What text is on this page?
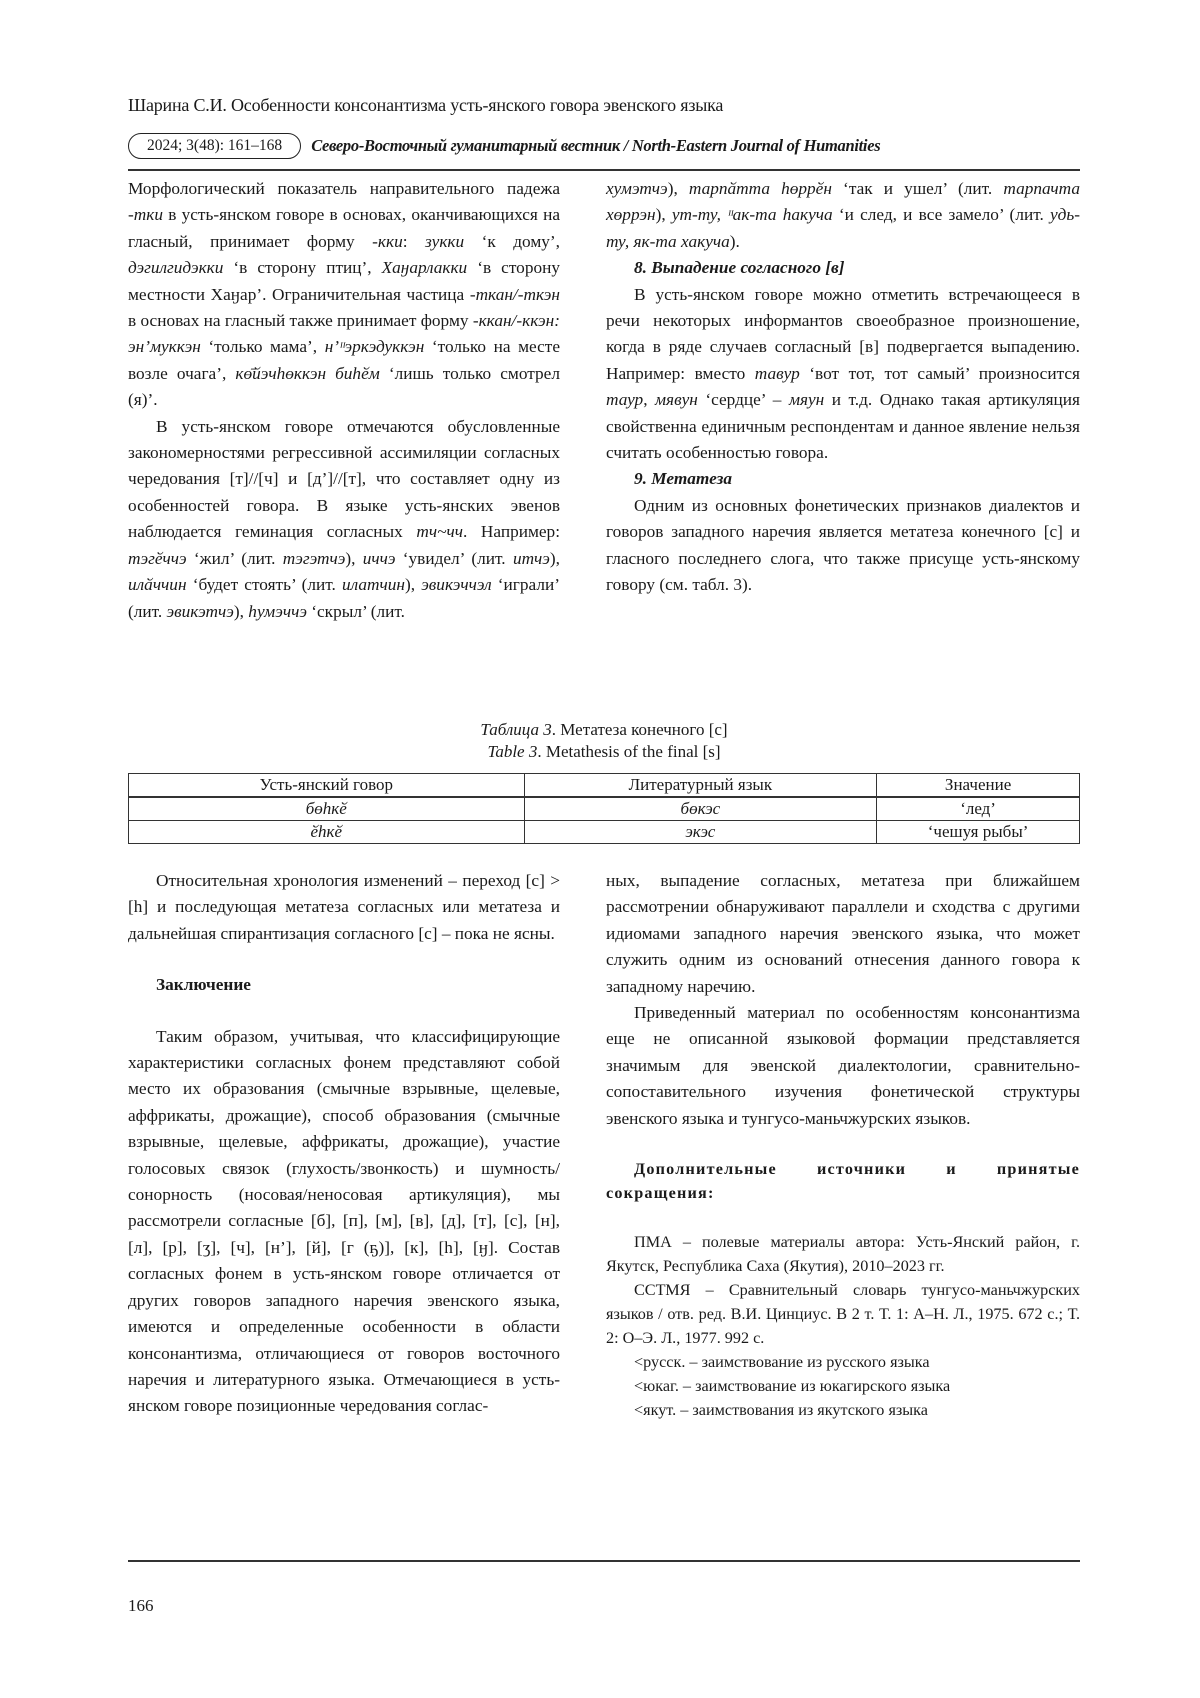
Шарина С.И. Особенности консонантизма усть-янского говора эвенского языка
2024; 3(48): 161–168	Северо-Восточный гуманитарный вестник / North-Eastern Journal of Humanities

Морфологический показатель направительного падежа -тки в усть-янском говоре в основах, оканчивающихся на гласный, принимает форму -кки: зукки ‘к дому’, дэгилгидэкки ‘в сторону птиц’, Хаӈарлакки ‘в сторону местности Хаӈар’. Ограничительная частица -ткан/-ткэн в основах на гласный также принимает форму -ккан/-ккэн: эн’муккэн ‘только мама’, н’ᶦᶦэркэдуккэн ‘только на месте возле очага’, кө̄йэчһөккэн биһӗм ‘лишь только смотрел (я)’.

В усть-янском говоре отмечаются обусловленные закономерностями регрессивной ассимиляции согласных чередования [т]//[ч] и [д’]//[т], что составляет одну из особенностей говора. В языке усть-янских эвенов наблюдается геминация согласных тч~чч. Например: тэгӗччэ ‘жил’ (лит. тэгэтчэ), иччэ ‘увидел’ (лит. итчэ), илӑччин ‘будет стоять’ (лит. илатчин), эвикэччэл ‘играли’ (лит. эвикэтчэ), һумэччэ ‘скрыл’ (лит.

хумэтчэ), тарпӑтта һөррӗн ‘так и ушел’ (лит. тарпачта хөррэн), ут-ту, ᶦᶦак-та һакуча ‘и след, и все замело’ (лит. удь-ту, як-та хакуча).

8. Выпадение согласного [в]

В усть-янском говоре можно отметить встречающееся в речи некоторых информантов своеобразное произношение, когда в ряде случаев согласный [в] подвергается выпадению. Например: вместо тавур ‘вот тот, тот самый’ произносится таур, мявун ‘сердце’ – мяун и т.д. Однако такая артикуляция свойственна единичным респондентам и данное явление нельзя считать особенностью говора.

9. Метатеза

Одним из основных фонетических признаков диалектов и говоров западного наречия является метатеза конечного [с] и гласного последнего слога, что также присуще усть-янскому говору (см. табл. 3).

Таблица 3. Метатеза конечного [с]
Table 3. Metathesis of the final [s]
Усть-янский говор	Литературный язык	Значение
бөһкӗ	бөкэс	‘лед’
ӗһкӗ	экэс	‘чешуя рыбы’

Относительная хронология изменений – переход [с] > [h] и последующая метатеза согласных или метатеза и дальнейшая спирантизация согласного [с] – пока не ясны.

Заключение

Таким образом, учитывая, что классифицирующие характеристики согласных фонем представляют собой место их образования (смычные взрывные, щелевые, аффрикаты, дрожащие), способ образования (смычные взрывные, щелевые, аффрикаты, дрожащие), участие голосовых связок (глухость/звонкость) и шумность/сонорность (носовая/неносовая артикуляция), мы рассмотрели согласные [б], [п], [м], [в], [д], [т], [с], [н], [л], [р], [ʒ], [ч], [н’], [й], [г (ҕ)], [к], [h], [ӈ]. Состав согласных фонем в усть-янском говоре отличается от других говоров западного наречия эвенского языка, имеются и определенные особенности в области консонантизма, отличающиеся от говоров восточного наречия и литературного языка. Отмечающиеся в усть-янском говоре позиционные чередования соглас-

ных, выпадение согласных, метатеза при ближайшем рассмотрении обнаруживают параллели и сходства с другими идиомами западного наречия эвенского языка, что может служить одним из оснований отнесения данного говора к западному наречию.

Приведенный материал по особенностям консонантизма еще не описанной языковой формации представляется значимым для эвенской диалектологии, сравнительно-сопоставительного изучения фонетической структуры эвенского языка и тунгусо-маньчжурских языков.

Дополнительные источники и принятые сокращения:

ПМА – полевые материалы автора: Усть-Янский район, г. Якутск, Республика Саха (Якутия), 2010–2023 гг.

ССТМЯ – Сравнительный словарь тунгусо-маньчжурских языков / отв. ред. В.И. Цинциус. В 2 т. Т. 1: А–Н. Л., 1975. 672 с.; Т. 2: О–Э. Л., 1977. 992 с.

<русск. – заимствование из русского языка

<юкаг. – заимствование из юкагирского языка

<якут. – заимствования из якутского языка

166
